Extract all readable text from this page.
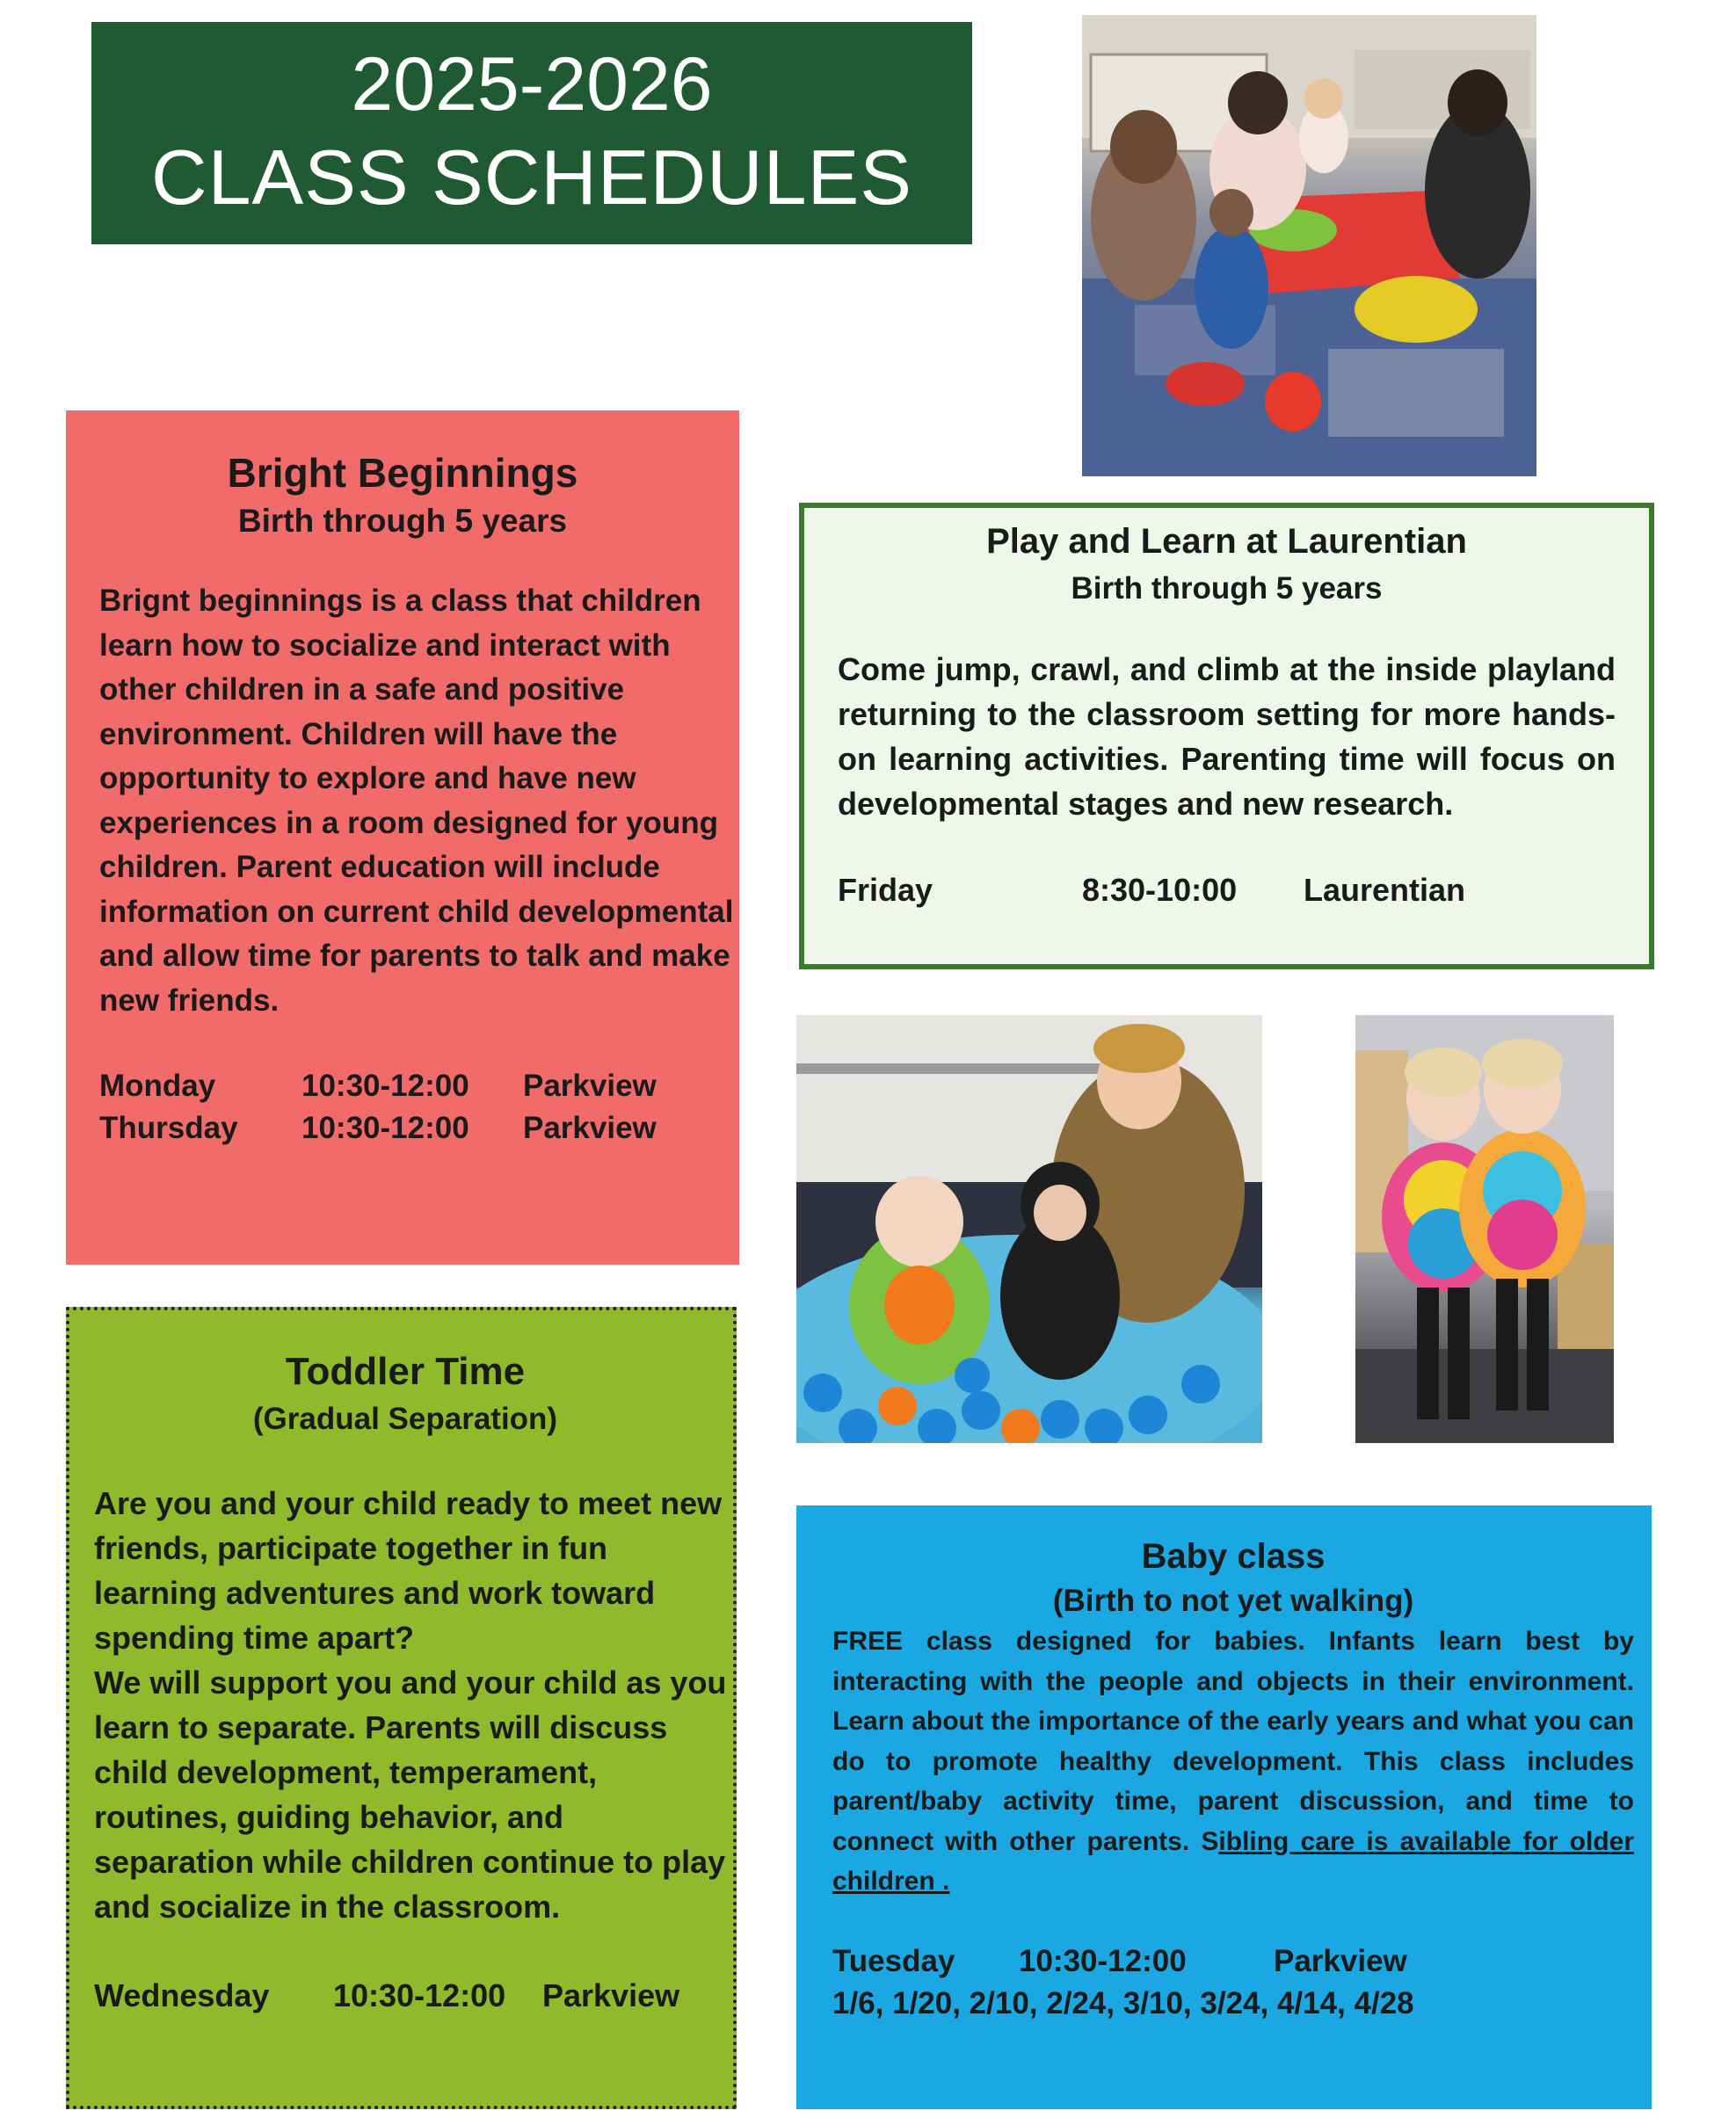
2025-2026
CLASS SCHEDULES
Bright Beginnings
Birth through 5 years
Brignt beginnings is a class that children learn how to socialize and interact with other children in a safe and positive environment. Children will have the opportunity to explore and have new experiences in a room designed for young children. Parent education will include information on current child developmental and allow time for parents to talk and make new friends.
Monday	10:30-12:00	Parkview
Thursday	10:30-12:00	Parkview
Play and Learn at Laurentian
Birth through 5 years
Come jump, crawl, and climb at the inside playland returning to the classroom setting for more hands-on learning activities. Parenting time will focus on developmental stages and new research.
Friday	8:30-10:00	Laurentian
Toddler Time
(Gradual Separation)
Are you and your child ready to meet new friends, participate together in fun learning adventures and work toward spending time apart?
We will support you and your child as you learn to separate. Parents will discuss child development, temperament, routines, guiding behavior, and separation while children continue to play and socialize in the classroom.
Wednesday	10:30-12:00	Parkview
Baby class
(Birth to not yet walking)
FREE class designed for babies. Infants learn best by interacting with the people and objects in their environment. Learn about the importance of the early years and what you can do to promote healthy development. This class includes parent/baby activity time, parent discussion, and time to connect with other parents. Sibling care is available for older children .
Tuesday	10:30-12:00	Parkview
1/6, 1/20, 2/10, 2/24, 3/10, 3/24, 4/14, 4/28
